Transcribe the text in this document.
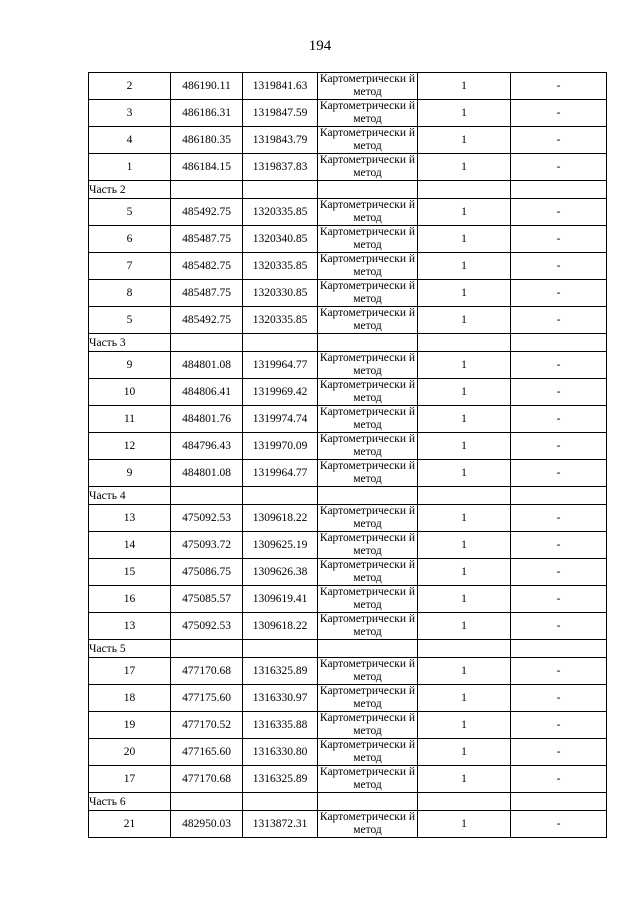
194
2	486190.11	1319841.63	Картометрически й метод	1	-
3	486186.31	1319847.59	Картометрически й метод	1	-
4	486180.35	1319843.79	Картометрически й метод	1	-
1	486184.15	1319837.83	Картометрически й метод	1	-
Часть 2					
5	485492.75	1320335.85	Картометрически й метод	1	-
6	485487.75	1320340.85	Картометрически й метод	1	-
7	485482.75	1320335.85	Картометрически й метод	1	-
8	485487.75	1320330.85	Картометрически й метод	1	-
5	485492.75	1320335.85	Картометрически й метод	1	-
Часть 3					
9	484801.08	1319964.77	Картометрически й метод	1	-
10	484806.41	1319969.42	Картометрически й метод	1	-
11	484801.76	1319974.74	Картометрически й метод	1	-
12	484796.43	1319970.09	Картометрически й метод	1	-
9	484801.08	1319964.77	Картометрически й метод	1	-
Часть 4					
13	475092.53	1309618.22	Картометрически й метод	1	-
14	475093.72	1309625.19	Картометрически й метод	1	-
15	475086.75	1309626.38	Картометрически й метод	1	-
16	475085.57	1309619.41	Картометрически й метод	1	-
13	475092.53	1309618.22	Картометрически й метод	1	-
Часть 5					
17	477170.68	1316325.89	Картометрически й метод	1	-
18	477175.60	1316330.97	Картометрически й метод	1	-
19	477170.52	1316335.88	Картометрически й метод	1	-
20	477165.60	1316330.80	Картометрически й метод	1	-
17	477170.68	1316325.89	Картометрически й метод	1	-
Часть 6					
21	482950.03	1313872.31	Картометрически й метод	1	-
